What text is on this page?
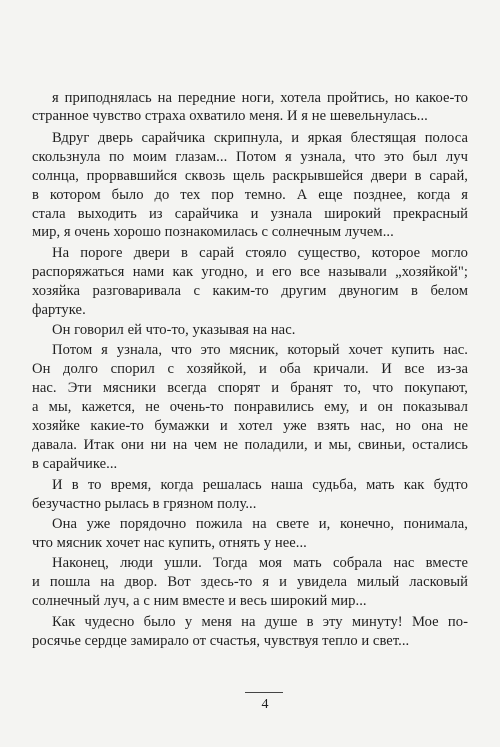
я приподнялась на передние ноги, хотела пройтись, но какое-то
странное чувство страха охватило меня. И я не шевельнулась...
Вдруг дверь сарайчика скрипнула, и яркая блестящая полоса
скользнула по моим глазам... Потом я узнала, что это был луч
солнца, прорвавшийся сквозь щель раскрывшейся двери в сарай,
в котором было до тех пор темно. А еще позднее, когда я
стала выходить из сарайчика и узнала широкий прекрасный
мир, я очень хорошо познакомилась с солнечным лучем...
На пороге двери в сарай стояло существо, которое могло
распоряжаться нами как угодно, и его все называли „хозяйкой";
хозяйка разговаривала с каким-то другим двуногим в белом
фартуке.
Он говорил ей что-то, указывая на нас.
Потом я узнала, что это мясник, который хочет купить нас.
Он долго спорил с хозяйкой, и оба кричали. И все из-за
нас. Эти мясники всегда спорят и бранят то, что покупают,
а мы, кажется, не очень-то понравились ему, и он показывал
хозяйке какие-то бумажки и хотел уже взять нас, но она не
давала. Итак они ни на чем не поладили, и мы, свиньи, остались
в сарайчике...
И в то время, когда решалась наша судьба, мать как будто
безучастно рылась в грязном полу...
Она уже порядочно пожила на свете и, конечно, понимала,
что мясник хочет нас купить, отнять у нее...
Наконец, люди ушли. Тогда моя мать собрала нас вместе
и пошла на двор. Вот здесь-то я и увидела милый ласковый
солнечный луч, а с ним вместе и весь широкий мир...
Как чудесно было у меня на душе в эту минуту! Мое по-
росячье сердце замирало от счастья, чувствуя тепло и свет...
4
